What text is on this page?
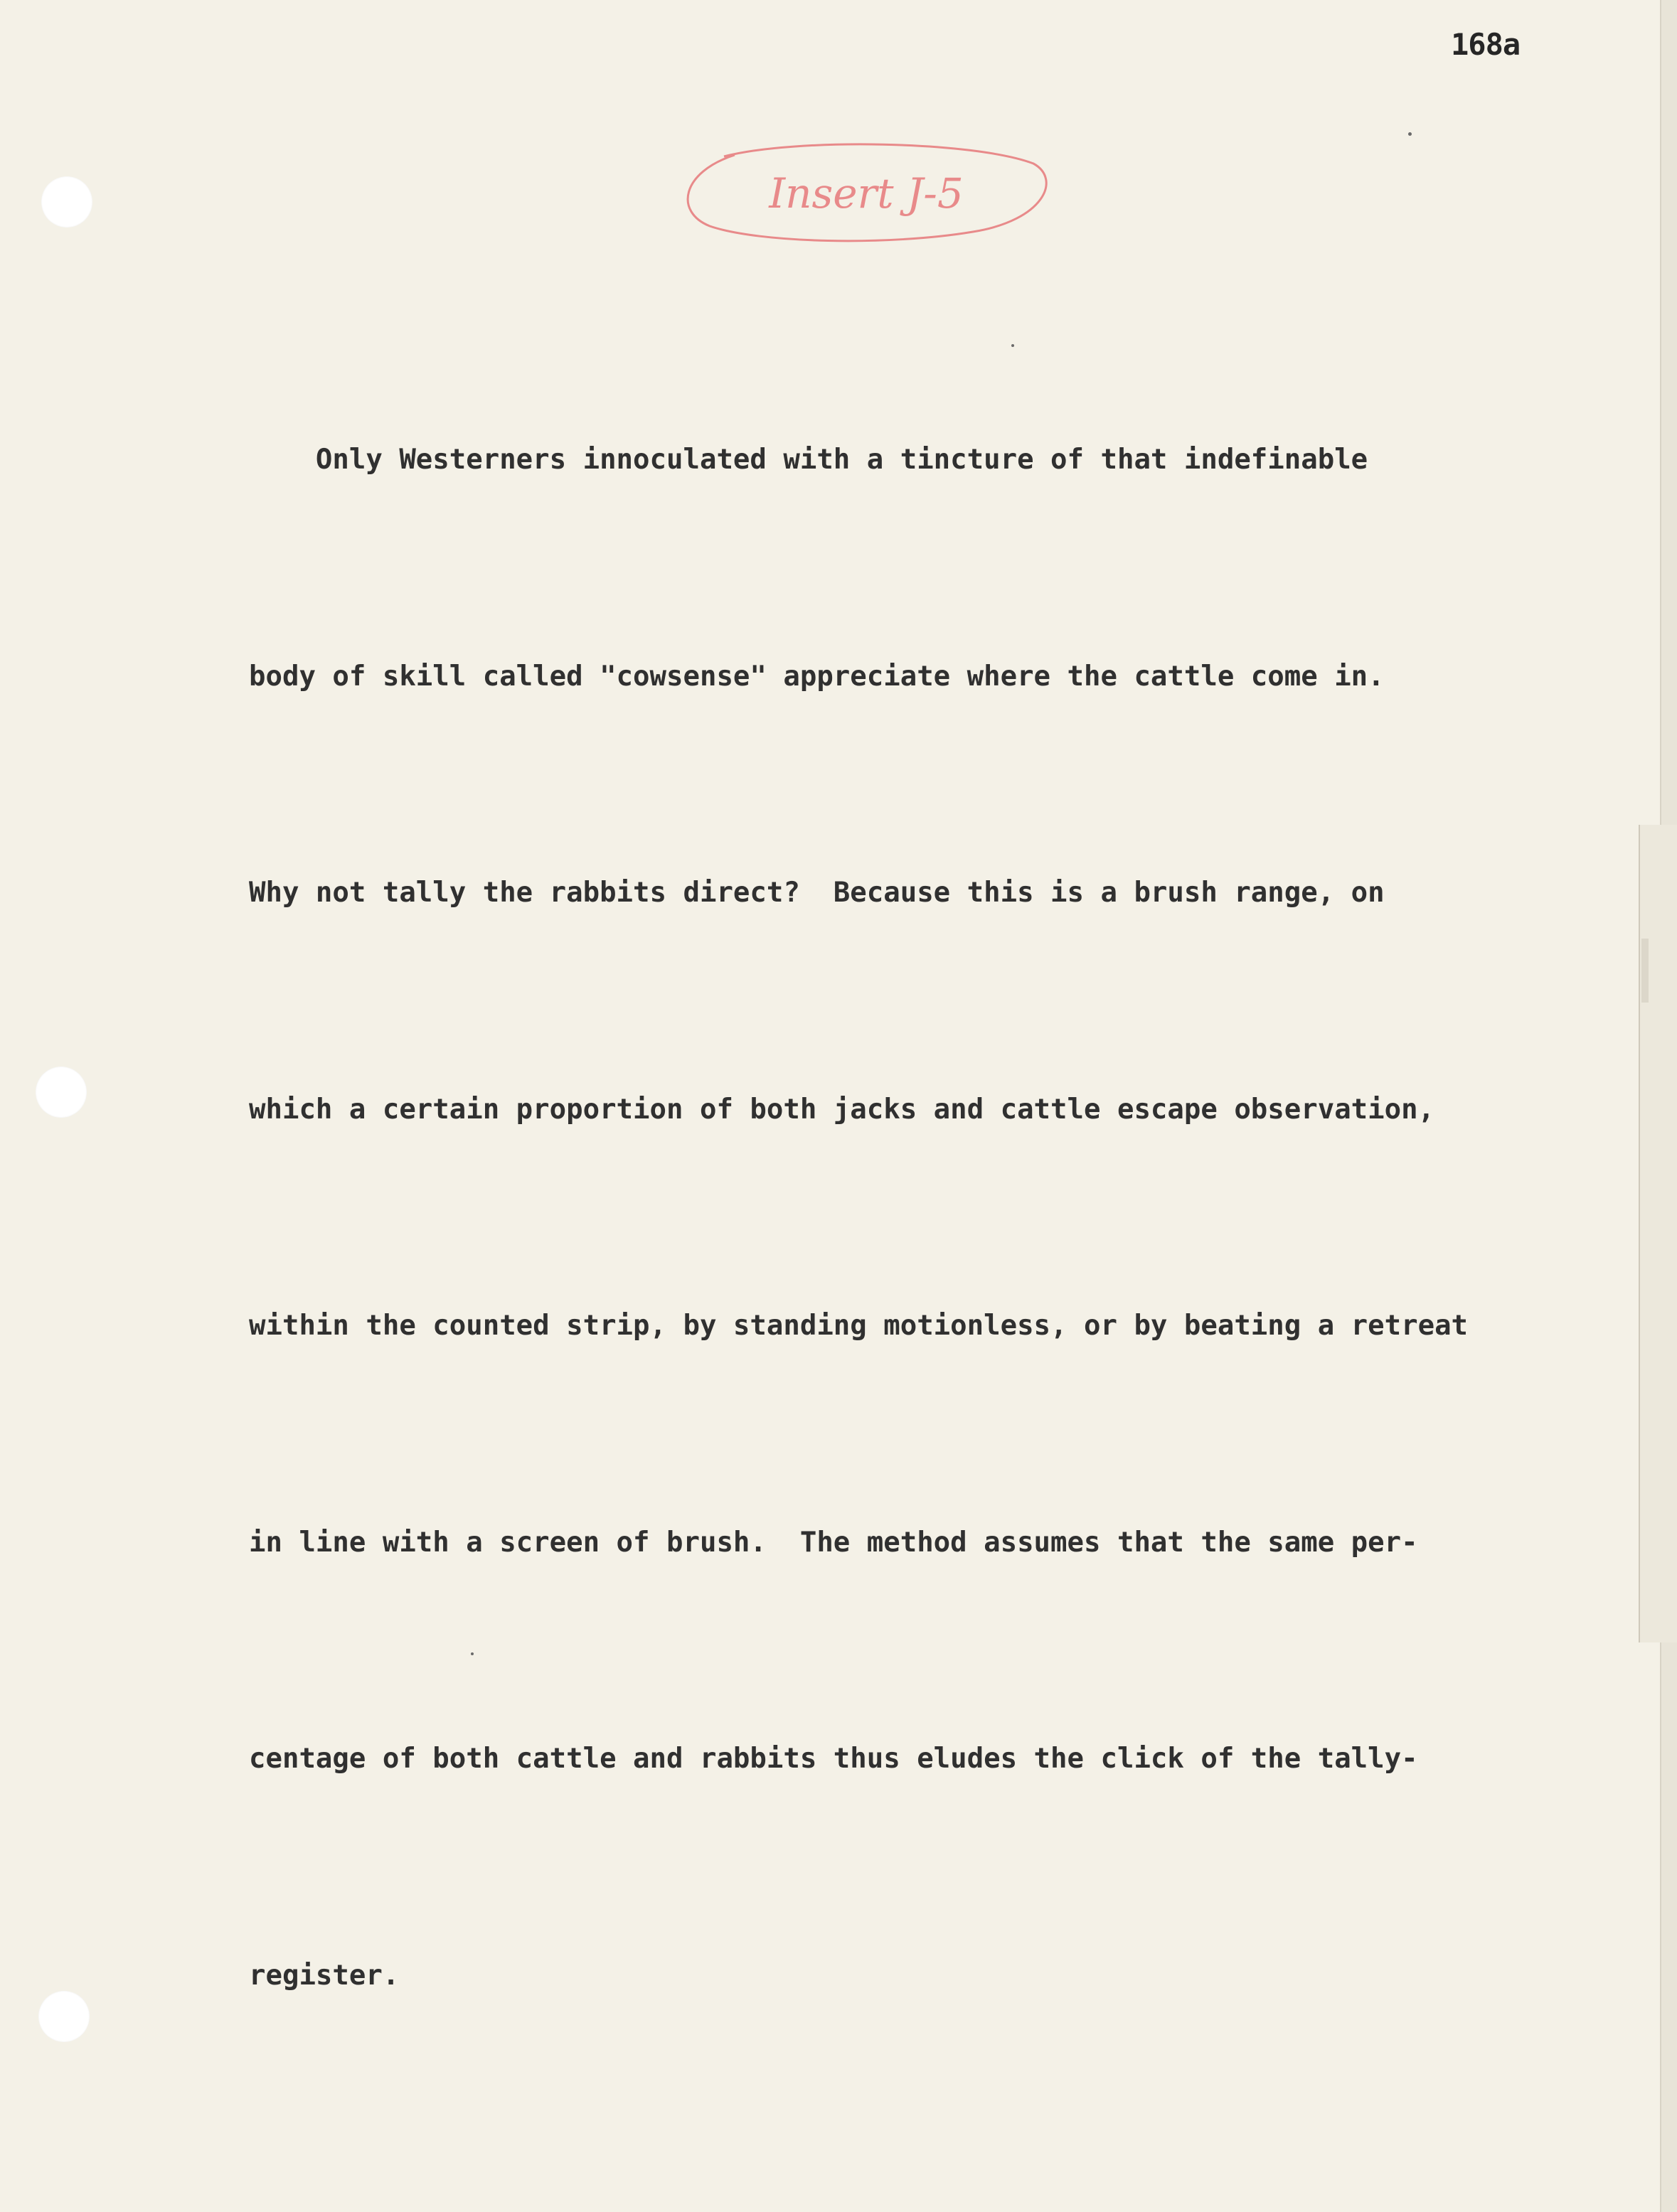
168a

Insert J-5

Only Westerners innoculated with a tincture of that indefinable

body of skill called "cowsense" appreciate where the cattle come in.

Why not tally the rabbits direct?  Because this is a brush range, on

which a certain proportion of both jacks and cattle escape observation,

within the counted strip, by standing motionless, or by beating a retreat

in line with a screen of brush.  The method assumes that the same per-

centage of both cattle and rabbits thus eludes the click of the tally-

register.
